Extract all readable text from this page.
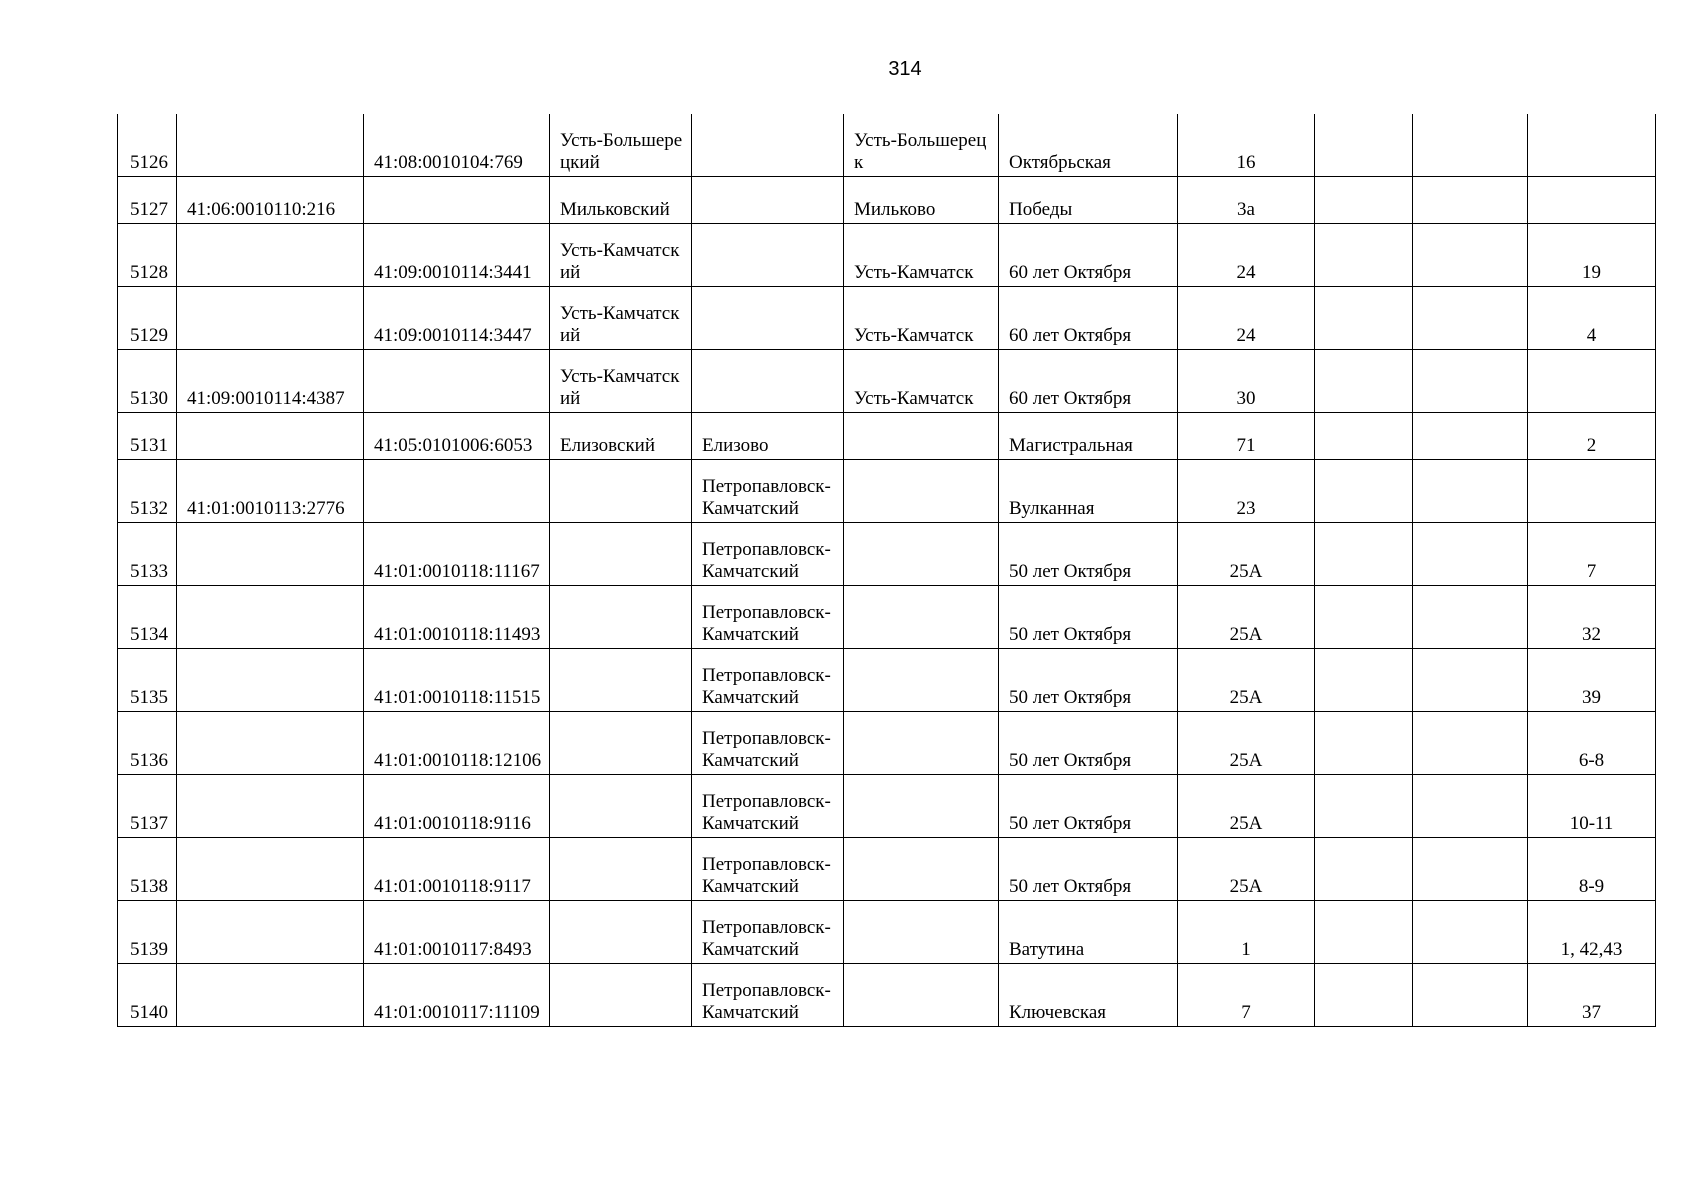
314
5126		41:08:0010104:769	Усть-Большерецкий		Усть-Большерецк	Октябрьская	16			
5127	41:06:0010110:216		Мильковский		Мильково	Победы	3а			
5128		41:09:0010114:3441	Усть-Камчатский		Усть-Камчатск	60 лет Октября	24			19
5129		41:09:0010114:3447	Усть-Камчатский		Усть-Камчатск	60 лет Октября	24			4
5130	41:09:0010114:4387		Усть-Камчатский		Усть-Камчатск	60 лет Октября	30			
5131		41:05:0101006:6053	Елизовский	Елизово		Магистральная	71			2
5132	41:01:0010113:2776			Петропавловск-Камчатский		Вулканная	23			
5133		41:01:0010118:11167		Петропавловск-Камчатский		50 лет Октября	25А			7
5134		41:01:0010118:11493		Петропавловск-Камчатский		50 лет Октября	25А			32
5135		41:01:0010118:11515		Петропавловск-Камчатский		50 лет Октября	25А			39
5136		41:01:0010118:12106		Петропавловск-Камчатский		50 лет Октября	25А			6-8
5137		41:01:0010118:9116		Петропавловск-Камчатский		50 лет Октября	25А			10-11
5138		41:01:0010118:9117		Петропавловск-Камчатский		50 лет Октября	25А			8-9
5139		41:01:0010117:8493		Петропавловск-Камчатский		Ватутина	1			1, 42,43
5140		41:01:0010117:11109		Петропавловск-Камчатский		Ключевская	7			37
